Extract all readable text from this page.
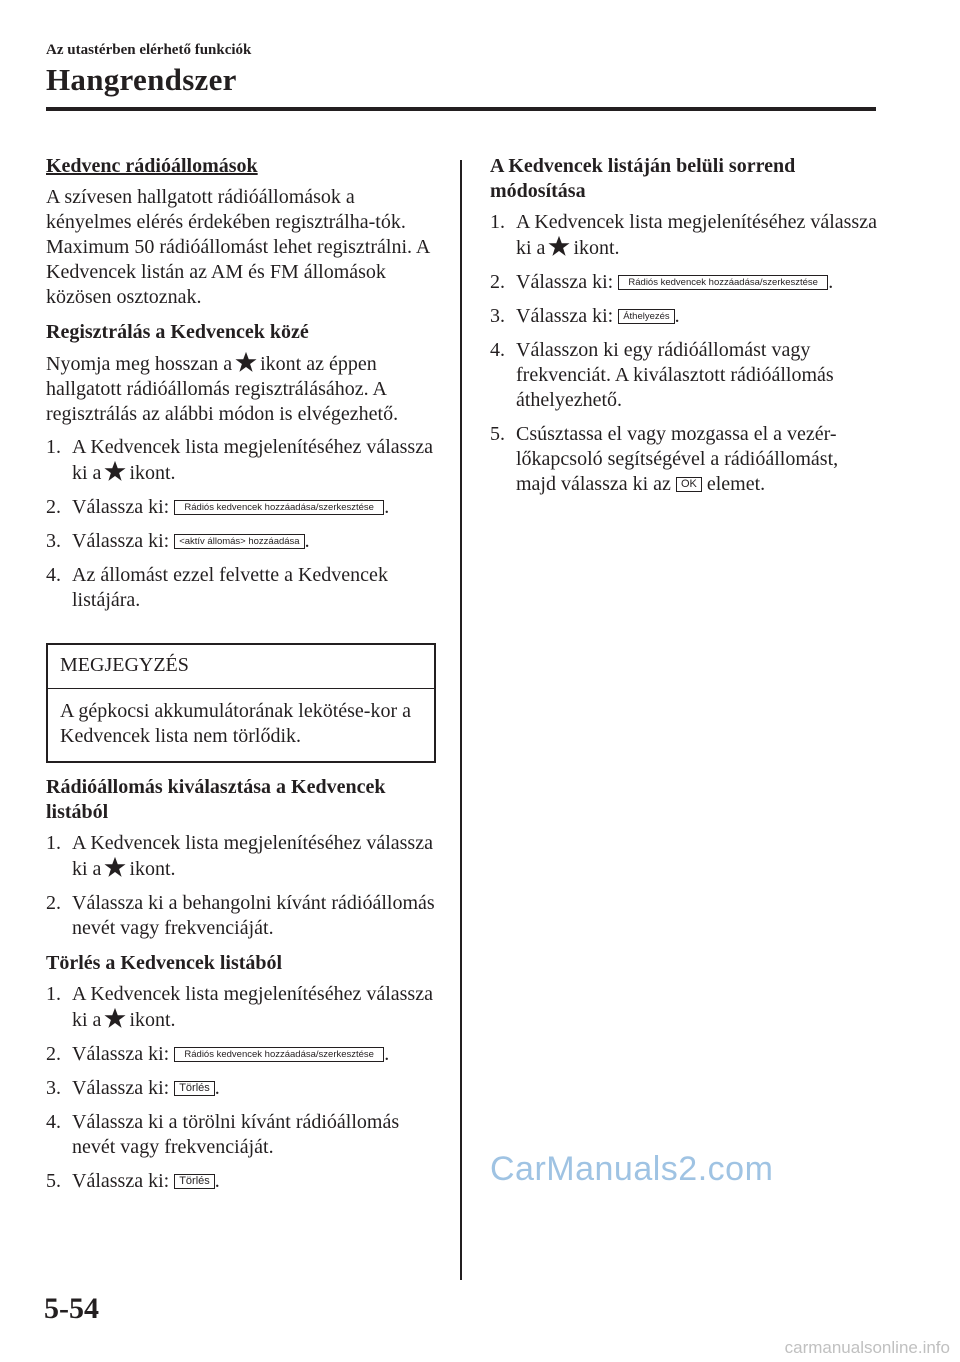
Az utastérben elérhető funkciók
Hangrendszer
Kedvenc rádióállomások

A szívesen hallgatott rádióállomások a kényelmes elérés érdekében regisztrálha-tók. Maximum 50 rádióállomást lehet regisztrálni. A Kedvencek listán az AM és FM állomások közösen osztoznak.

Regisztrálás a Kedvencek közé

Nyomja meg hosszan a ikont az éppen hallgatott rádióállomás regisztrálásához. A regisztrálás az alábbi módon is elvégezhető.

1. A Kedvencek lista megjelenítéséhez válassza ki a ikont.
2. Válassza ki: Rádiós kedvencek hozzáadása/szerkesztése .
3. Válassza ki: <aktív állomás> hozzáadása .
4. Az állomást ezzel felvette a Kedvencek listájára.
MEGJEGYZÉS
A gépkocsi akkumulátorának lekötése-kor a Kedvencek lista nem törlődik.
Rádióállomás kiválasztása a Kedvencek listából
1. A Kedvencek lista megjelenítéséhez válassza ki a ikont.
2. Válassza ki a behangolni kívánt rádióállomás nevét vagy frekvenciáját.
Törlés a Kedvencek listából
1. A Kedvencek lista megjelenítéséhez válassza ki a ikont.
2. Válassza ki: Rádiós kedvencek hozzáadása/szerkesztése .
3. Válassza ki: Törlés .
4. Válassza ki a törölni kívánt rádióállomás nevét vagy frekvenciáját.
5. Válassza ki: Törlés .
A Kedvencek listáján belüli sorrend módosítása
1. A Kedvencek lista megjelenítéséhez válassza ki a ikont.
2. Válassza ki: Rádiós kedvencek hozzáadása/szerkesztése .
3. Válassza ki: Áthelyezés .
4. Válasszon ki egy rádióállomást vagy frekvenciát. A kiválasztott rádióállomás áthelyezhető.
5. Csúsztassa el vagy mozgassa el a vezér-lőkapcsoló segítségével a rádióállomást, majd válassza ki az OK elemet.
CarManuals2.com
5-54
carmanualsonline.info
